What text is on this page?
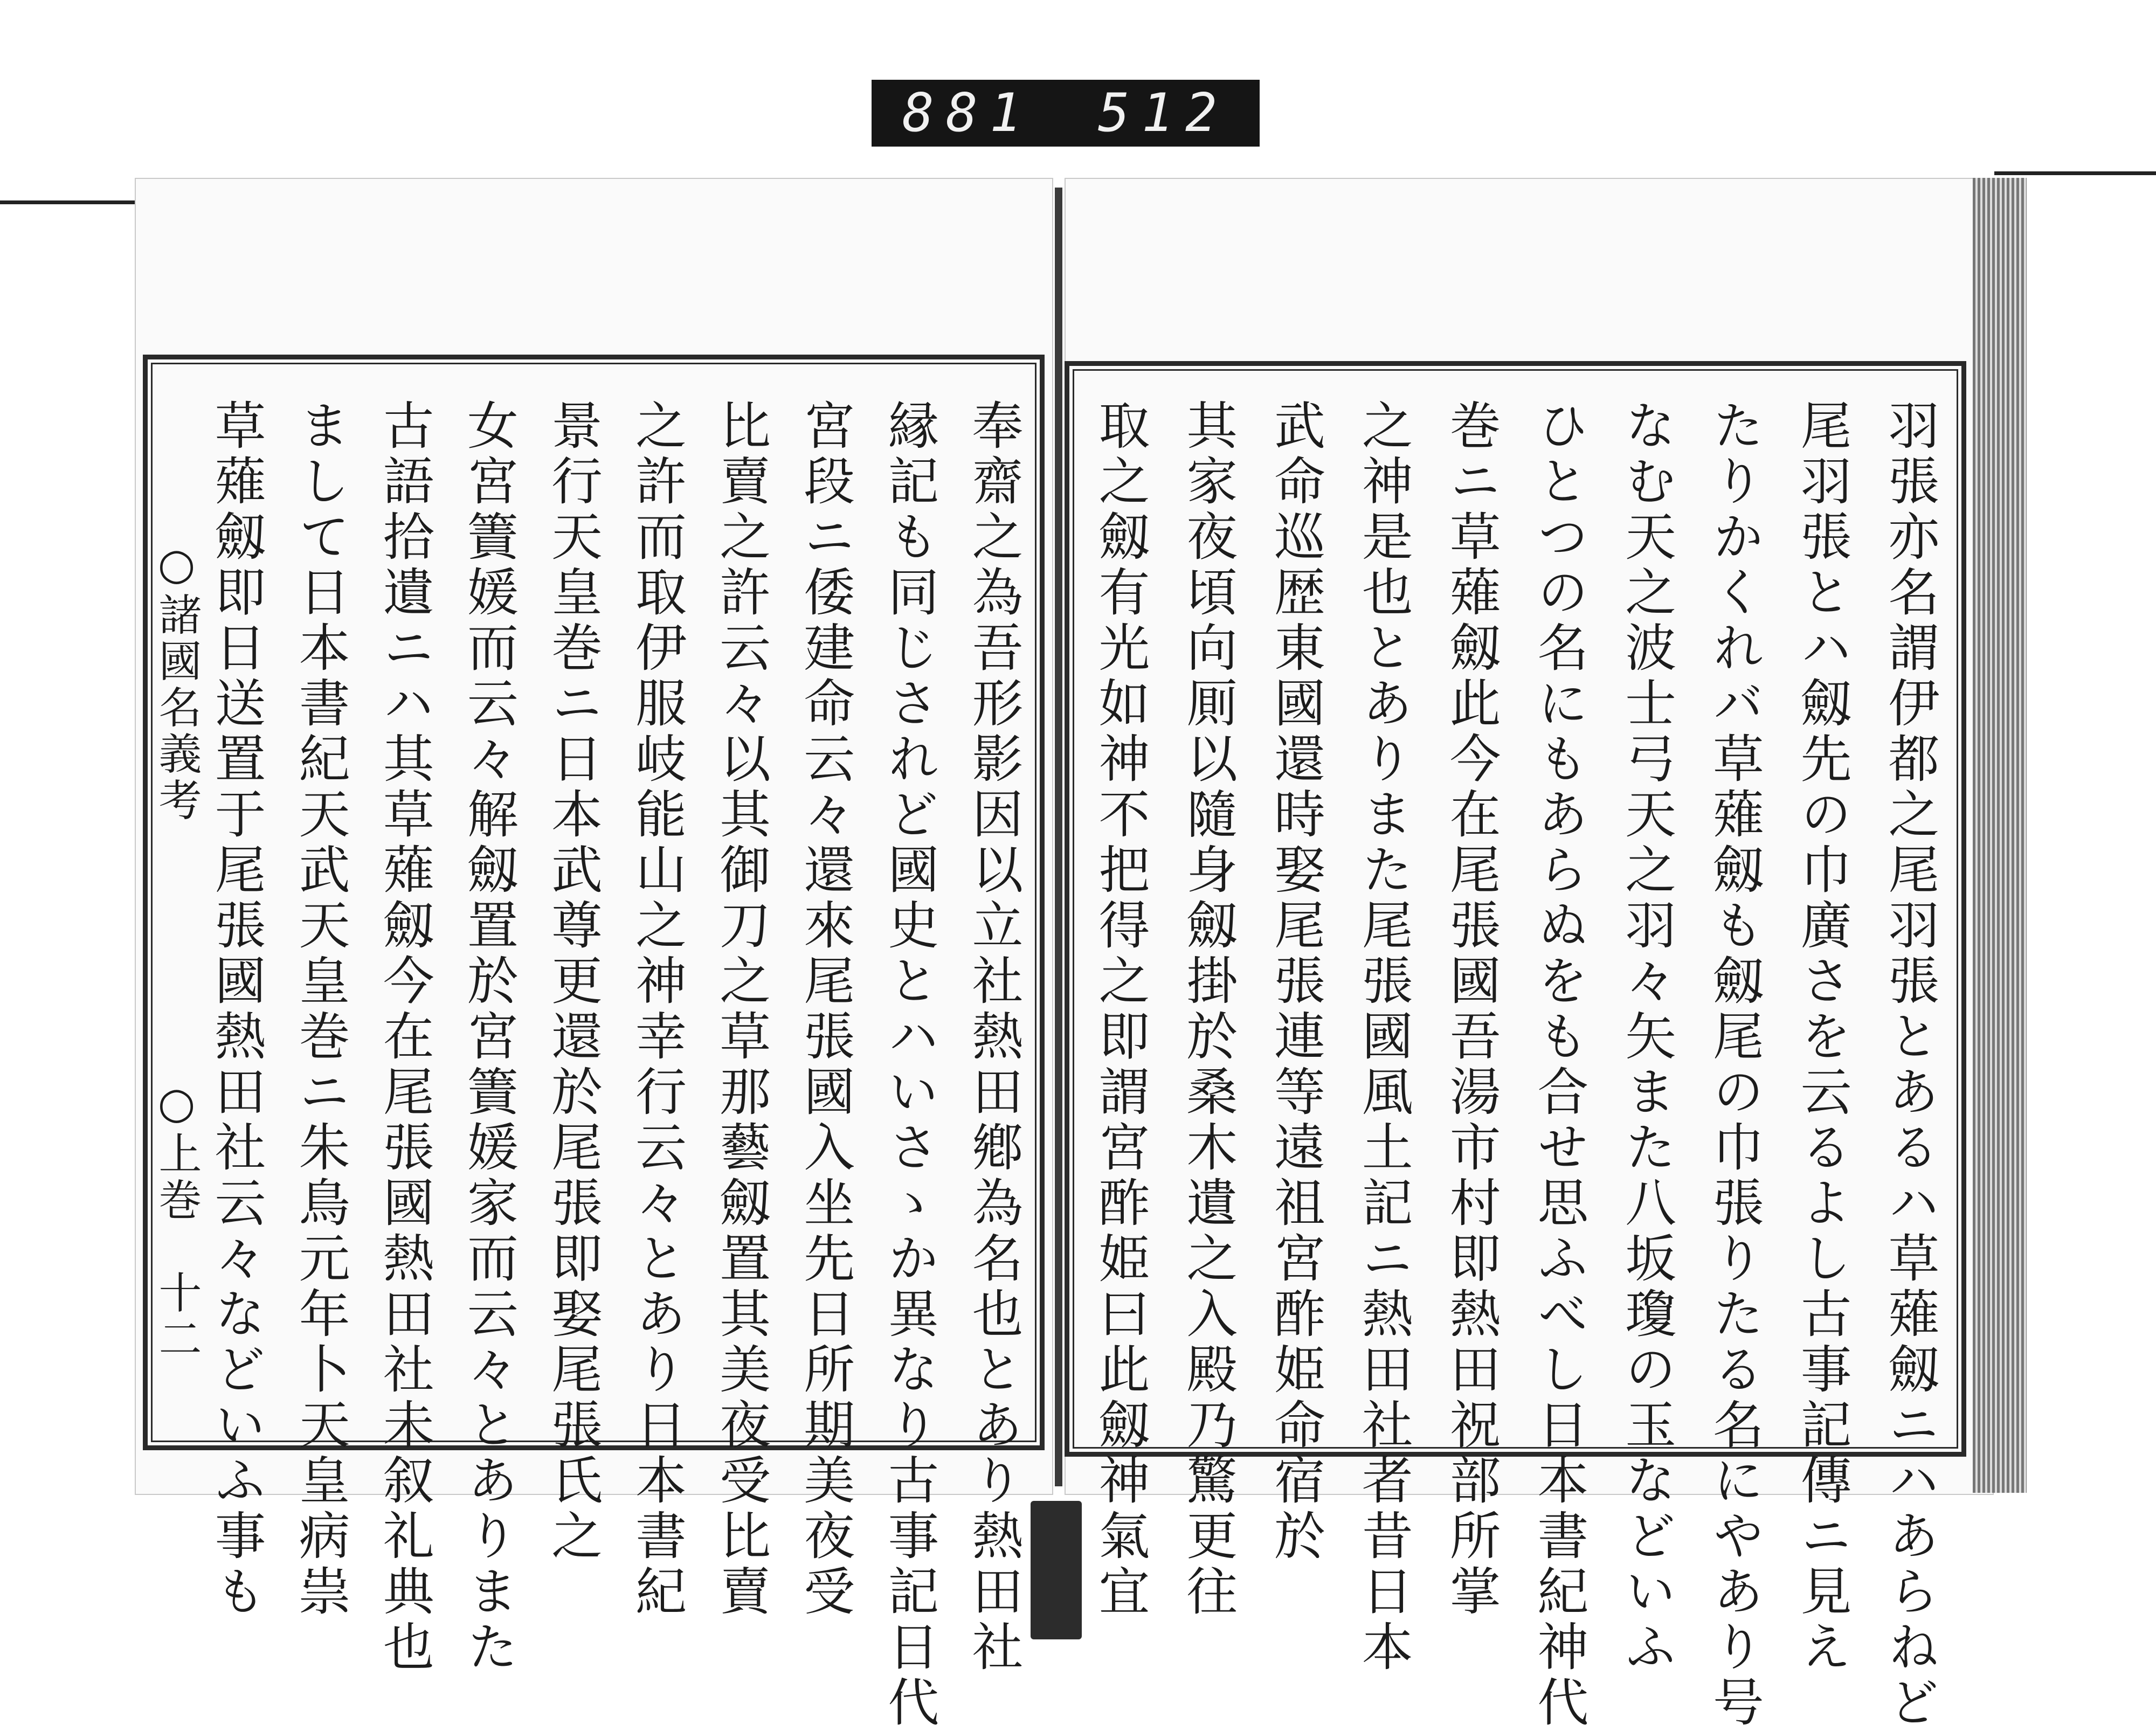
881 512
○諸國名義考
○上巻　十二	奉齋之為吾形影因以立社熱田鄕為名也とあり熱田社
縁記も同じされど國史とハいさゝか異なり古事記日代
宮段ニ倭建命云々還來尾張國入坐先日所期美夜受
比賣之許云々以其御刀之草那藝劔置其美夜受比賣
之許而取伊服岐能山之神幸行云々とあり日本書紀
景行天皇巻ニ日本武尊更還於尾張即娶尾張氏之
女宮簀媛而云々解劔置於宮簀媛家而云々とありまた
古語拾遺ニハ其草薙劔今在尾張國熱田社未叙礼典也
まして日本書紀天武天皇巻ニ朱鳥元年卜天皇病祟
草薙劔即日送置于尾張國熱田社云々などいふ事も	羽張亦名謂伊都之尾羽張とあるハ草薙劔ニハあらねど
尾羽張とハ劔先の巾廣さを云るよし古事記傳ニ見え
たりかくれバ草薙劔も劔尾の巾張りたる名にやあり号
なむ天之波士弓天之羽々矢また八坂瓊の玉などいふ
ひとつの名にもあらぬをも合せ思ふべし日本書紀神代
巻ニ草薙劔此今在尾張國吾湯市村即熱田祝部所掌
之神是也とありまた尾張國風土記ニ熱田社者昔日本
武命巡歴東國還時娶尾張連等遠祖宮酢姫命宿於
其家夜頃向厠以隨身劔掛於桑木遺之入殿乃驚更往
取之劔有光如神不把得之即謂宮酢姫曰此劔神氣宜
